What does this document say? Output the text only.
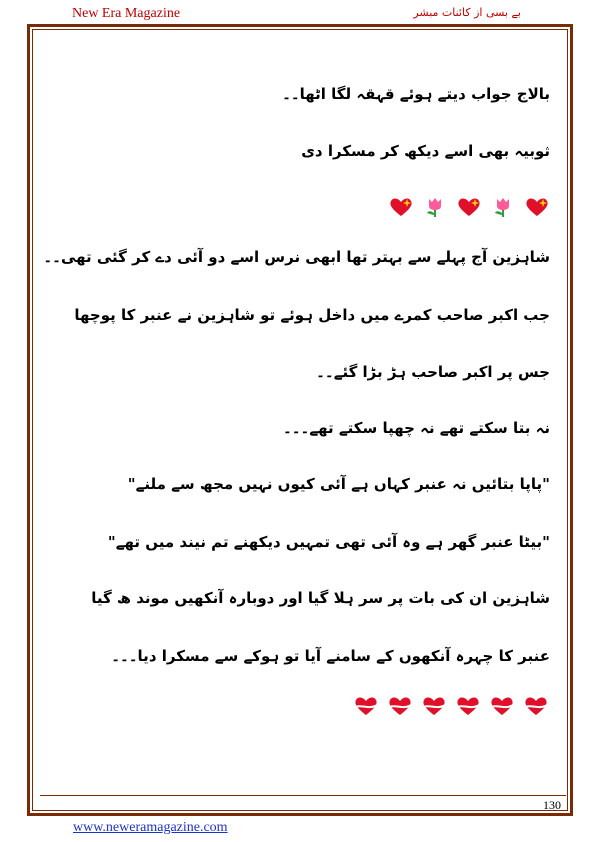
New Era Magazine	بے بسی از کائنات مبشر
بالاج جواب دیتے ہوئے قہقہ لگا اٹھا۔۔
ثوبیہ بھی اسے دیکھ کر مسکرا دی
شاہزین آج پہلے سے بہتر تھا ابھی نرس اسے دو آئی دے کر گئی تھی۔۔
جب اکبر صاحب کمرے میں داخل ہوئے تو شاہزین نے عنبر کا پوچھا
جس پر اکبر صاحب ہڑ بڑا گئے۔۔
نہ بتا سکتے تھے نہ چھپا سکتے تھے۔۔۔
"پاپا بتائیں نہ عنبر کہاں ہے آئی کیوں نہیں مجھ سے ملنے"
"بیٹا عنبر گھر ہے وہ آئی تھی تمہیں دیکھنے تم نیند میں تھے"
شاہزین ان کی بات پر سر ہلا گیا اور دوبارہ آنکھیں موند ھ گیا
عنبر کا چہرہ آنکھوں کے سامنے آیا تو ہوکے سے مسکرا دیا۔۔۔
130
www.neweramagazine.com
